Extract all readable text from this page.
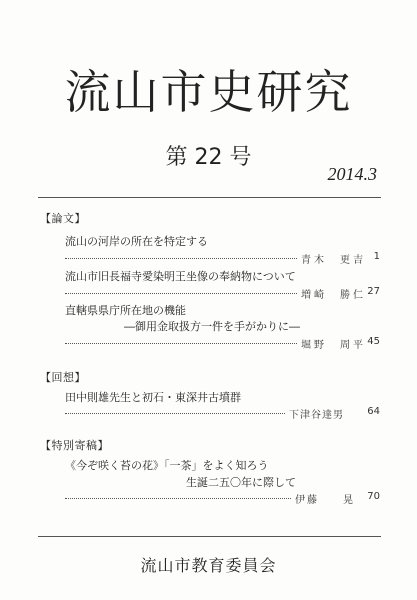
流山市史研究
第 22 号
2014.3
【論文】
流山の河岸の所在を特定する
青木　更吉 1
流山市旧長福寺愛染明王坐像の奉納物について
増崎　勝仁 27
直轄県県庁所在地の機能
―御用金取扱方一件を手がかりに―
堀野　周平 45
【回想】
田中則雄先生と初石・東深井古墳群
下津谷達男 64
【特別寄稿】
《今ぞ咲く苔の花》「一茶」をよく知ろう
生誕二五〇年に際して
伊藤　　晃 70
流山市教育委員会
